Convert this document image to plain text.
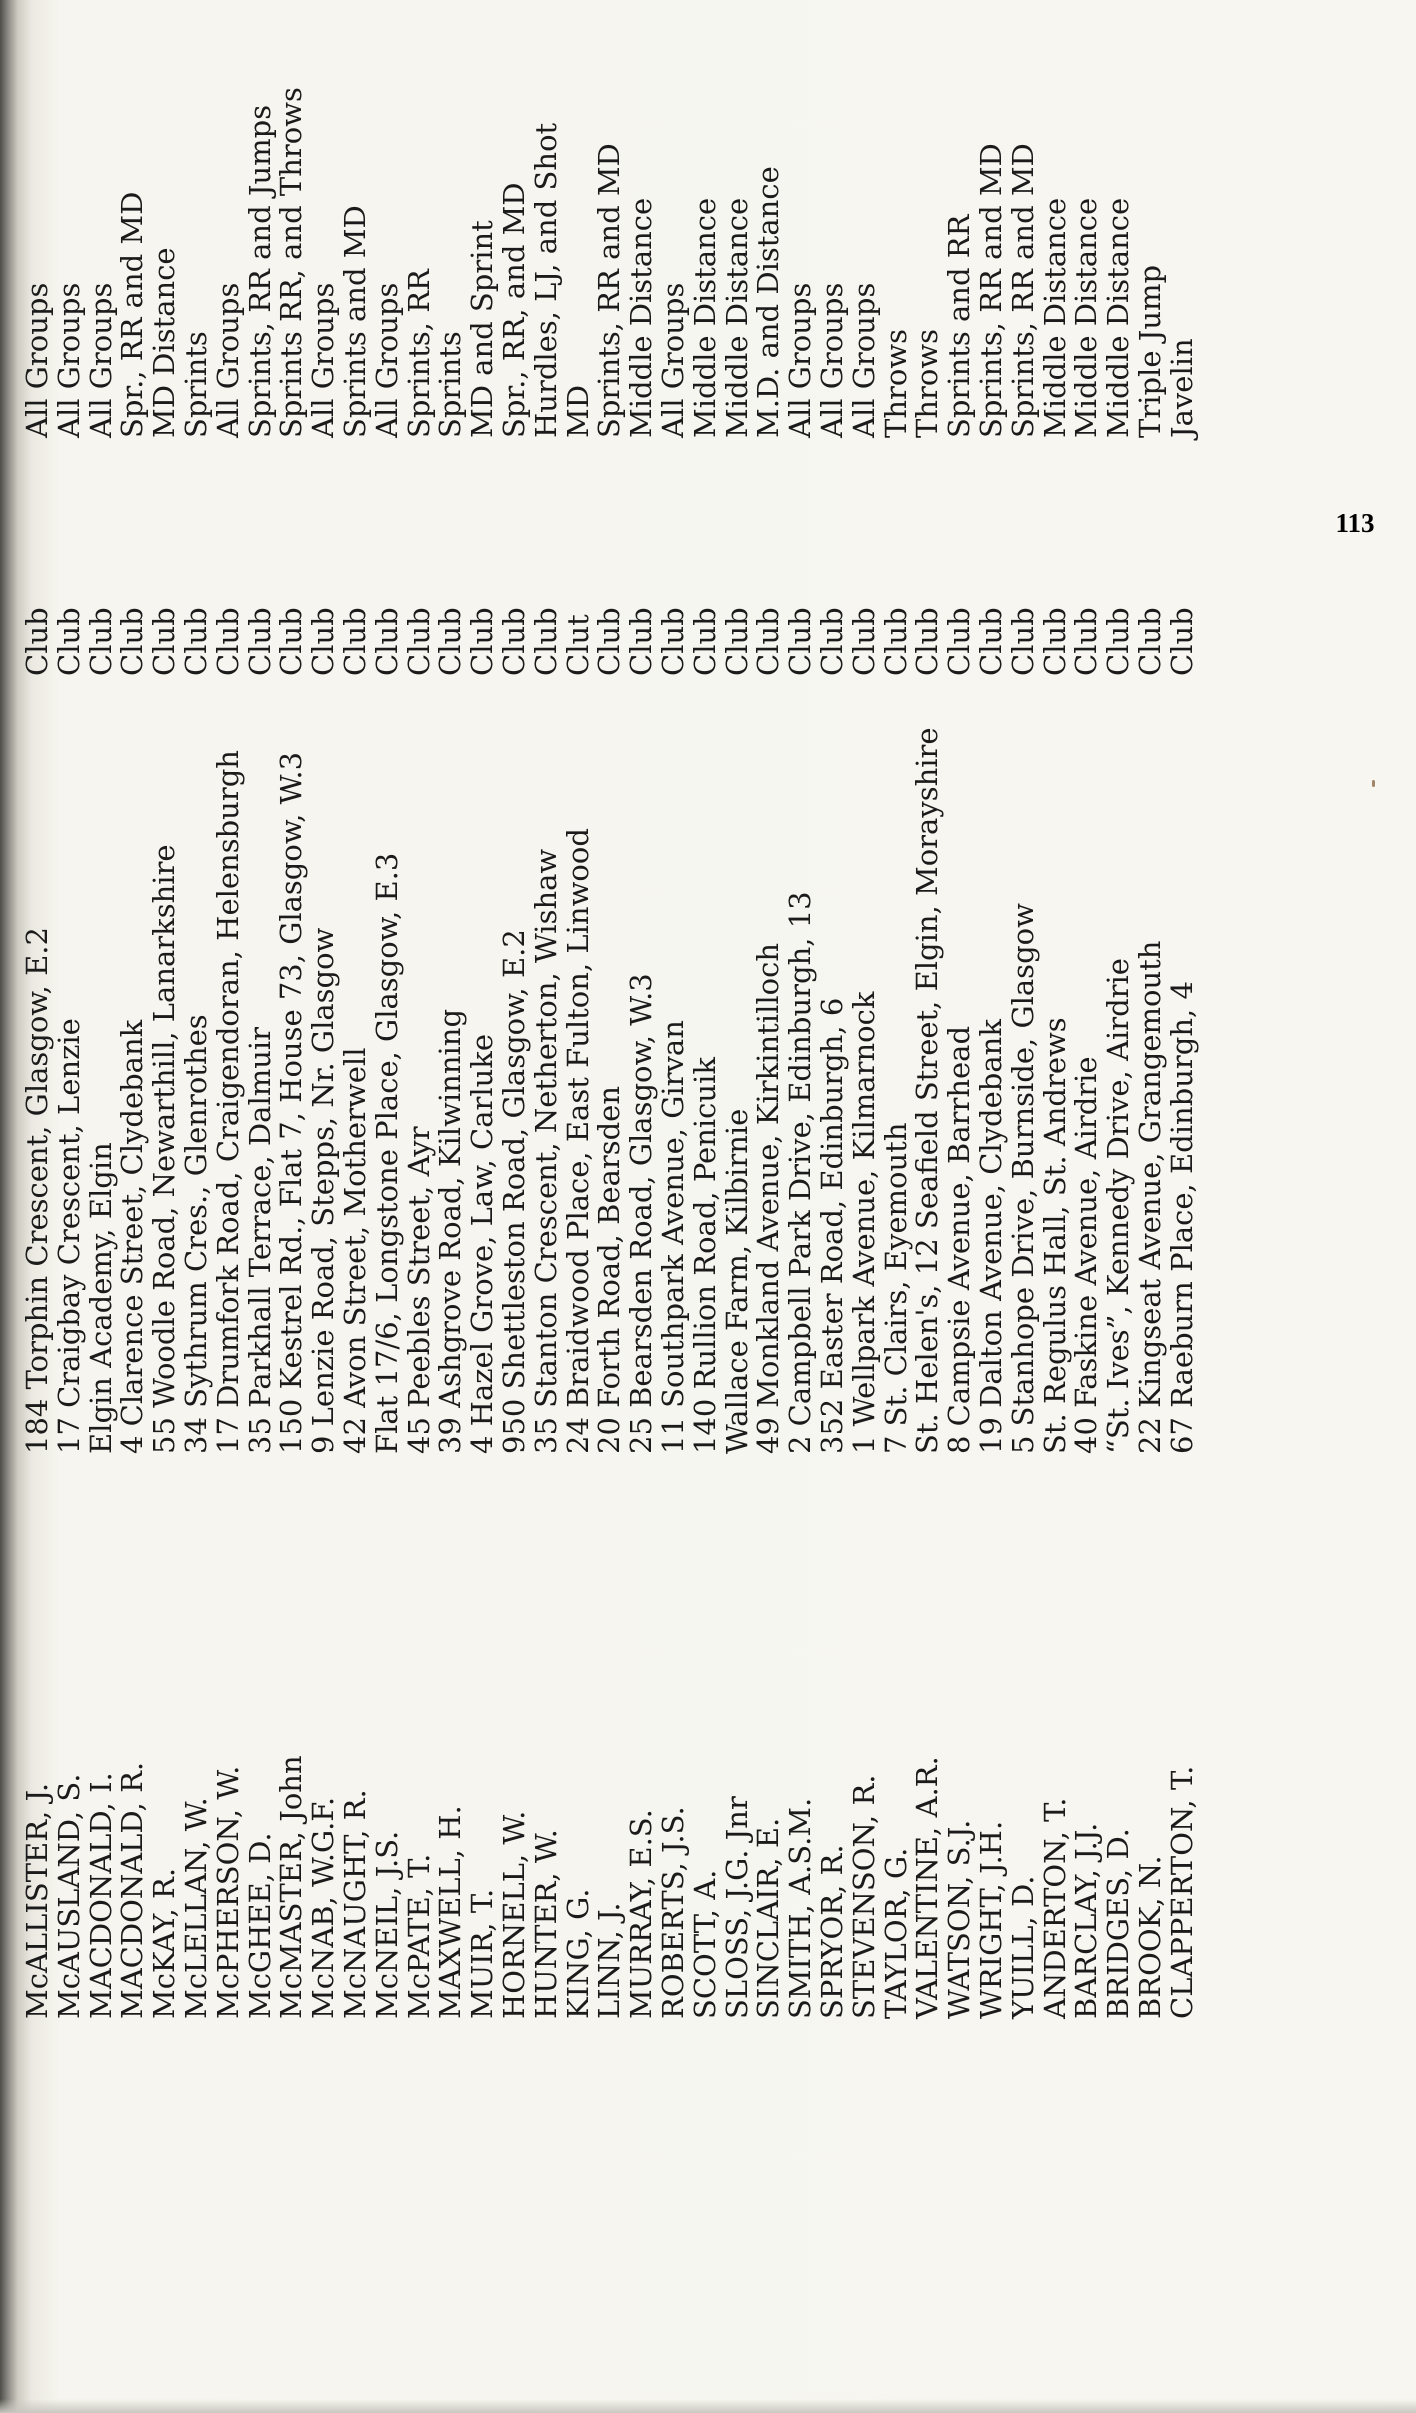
McALLISTER, J.
184 Torphin Crescent, Glasgow, E.2
Club
All Groups
McAUSLAND, S.
17 Craigbay Crescent, Lenzie
Club
All Groups
MACDONALD, I.
Elgin Academy, Elgin
Club
All Groups
MACDONALD, R.
4 Clarence Street, Clydebank
Club
Spr., RR and MD
McKAY, R.
55 Woodle Road, Newarthill, Lanarkshire
Club
MD Distance
McLELLAN, W.
34 Sythrum Cres., Glenrothes
Club
Sprints
McPHERSON, W.
17 Drumfork Road, Craigendoran, Helensburgh
Club
All Groups
McGHEE, D.
35 Parkhall Terrace, Dalmuir
Club
Sprints, RR and Jumps
McMASTER, John
150 Kestrel Rd., Flat 7, House 73, Glasgow, W.3
Club
Sprints RR, and Throws
McNAB, W.G.F.
9 Lenzie Road, Stepps, Nr. Glasgow
Club
All Groups
McNAUGHT, R.
42 Avon Street, Motherwell
Club
Sprints and MD
McNEIL, J.S.
Flat 17/6, Longstone Place, Glasgow, E.3
Club
All Groups
McPATE, T.
45 Peebles Street, Ayr
Club
Sprints, RR
MAXWELL, H.
39 Ashgrove Road, Kilwinning
Club
Sprints
MUIR, T.
4 Hazel Grove, Law, Carluke
Club
MD and Sprint
HORNELL, W.
950 Shettleston Road, Glasgow, E.2
Club
Spr., RR, and MD
HUNTER, W.
35 Stanton Crescent, Netherton, Wishaw
Club
Hurdles, LJ, and Shot
KING, G.
24 Braidwood Place, East Fulton, Linwood
Clut
MD
LINN, J.
20 Forth Road, Bearsden
Club
Sprints, RR and MD
MURRAY, E.S.
25 Bearsden Road, Glasgow, W.3
Club
Middle Distance
ROBERTS, J.S.
11 Southpark Avenue, Girvan
Club
All Groups
SCOTT, A.
140 Rullion Road, Penicuik
Club
Middle Distance
SLOSS, J.G. Jnr
Wallace Farm, Kilbirnie
Club
Middle Distance
SINCLAIR, E.
49 Monkland Avenue, Kirkintilloch
Club
M.D. and Distance
SMITH, A.S.M.
2 Campbell Park Drive, Edinburgh, 13
Club
All Groups
SPRYOR, R.
352 Easter Road, Edinburgh, 6
Club
All Groups
STEVENSON, R.
1 Wellpark Avenue, Kilmarnock
Club
All Groups
TAYLOR, G.
7 St. Clairs, Eyemouth
Club
Throws
VALENTINE, A.R.
St. Helen's, 12 Seafield Street, Elgin, Morayshire
Club
Throws
WATSON, S.J.
8 Campsie Avenue, Barrhead
Club
Sprints and RR
WRIGHT, J.H.
19 Dalton Avenue, Clydebank
Club
Sprints, RR and MD
YUILL, D.
5 Stanhope Drive, Burnside, Glasgow
Club
Sprints, RR and MD
ANDERTON, T.
St. Regulus Hall, St. Andrews
Club
Middle Distance
BARCLAY, J.J.
40 Faskine Avenue, Airdrie
Club
Middle Distance
BRIDGES, D.
“St. Ives”, Kennedy Drive, Airdrie
Club
Middle Distance
BROOK, N.
22 Kingseat Avenue, Grangemouth
Club
Triple Jump
CLAPPERTON, T.
67 Raeburn Place, Edinburgh, 4
Club
Javelin
113
